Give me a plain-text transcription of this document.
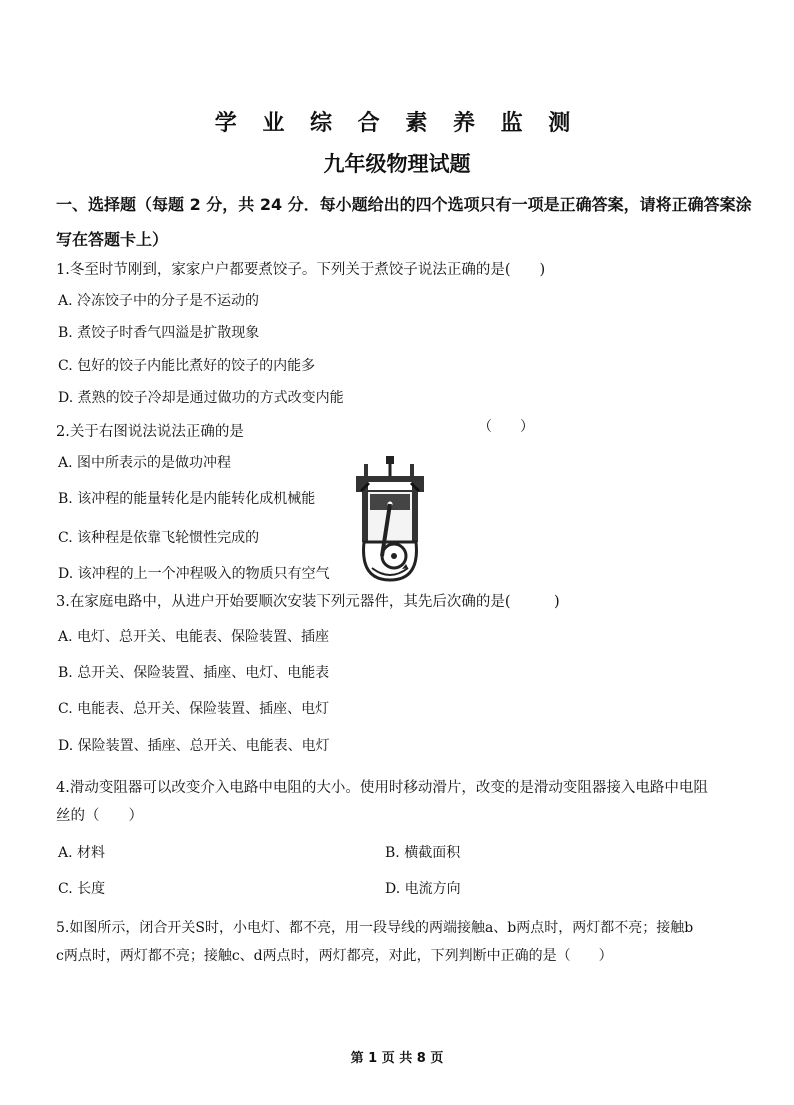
学 业 综 合 素 养 监 测
九年级物理试题
一、选择题（每题 2 分，共 24 分．每小题给出的四个选项只有一项是正确答案，请将正确答案涂
写在答题卡上）
1.冬至时节刚到，家家户户都要煮饺子。下列关于煮饺子说法正确的是(　　)
A. 冷冻饺子中的分子是不运动的
B. 煮饺子时香气四溢是扩散现象
C. 包好的饺子内能比煮好的饺子的内能多
D. 煮熟的饺子冷却是通过做功的方式改变内能
2.关于右图说法说法正确的是	（　　）
A. 图中所表示的是做功冲程
B. 该冲程的能量转化是内能转化成机械能
C. 该种程是依靠飞轮惯性完成的
D. 该冲程的上一个冲程吸入的物质只有空气
3.在家庭电路中，从进户开始要顺次安装下列元器件，其先后次确的是(　　　)
A. 电灯、总开关、电能表、保险装置、插座
B. 总开关、保险装置、插座、电灯、电能表
C. 电能表、总开关、保险装置、插座、电灯
D. 保险装置、插座、总开关、电能表、电灯
4.滑动变阻器可以改变介入电路中电阻的大小。使用时移动滑片，改变的是滑动变阻器接入电路中电阻
丝的（　　）
A. 材料	B. 横截面积
C. 长度	D. 电流方向
5.如图所示，闭合开关S时，小电灯、都不亮，用一段导线的两端接触a、b两点时，两灯都不亮；接触b
c两点时，两灯都不亮；接触c、d两点时，两灯都亮，对此，下列判断中正确的是（　　）
第 1 页 共 8 页
